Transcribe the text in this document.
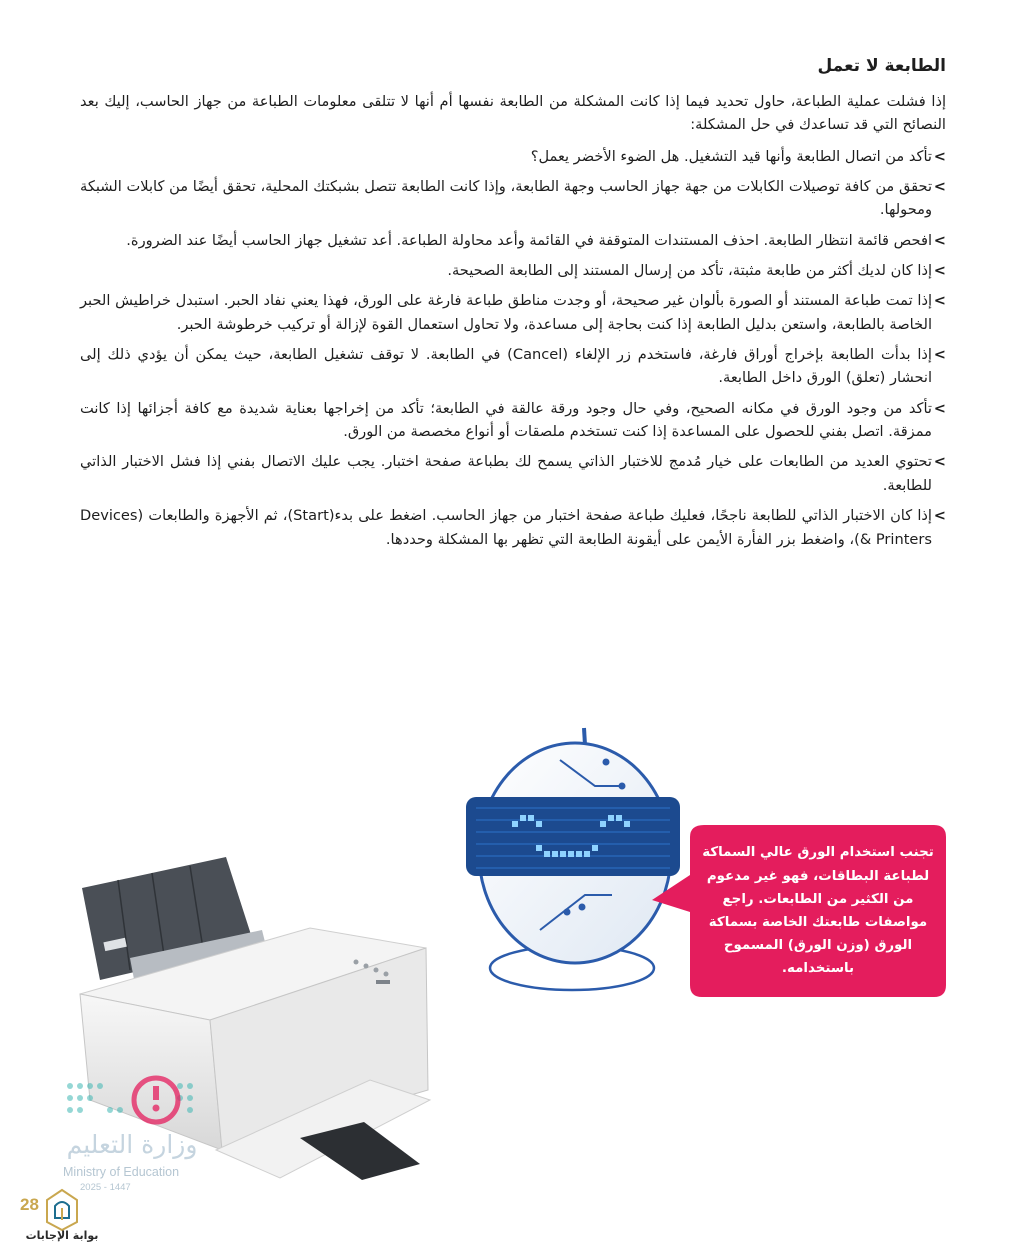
الطابعة لا تعمل

إذا فشلت عملية الطباعة، حاول تحديد فيما إذا كانت المشكلة من الطابعة نفسها أم أنها لا تتلقى معلومات الطباعة من جهاز الحاسب، إليك بعد النصائح التي قد تساعدك في حل المشكلة:

>
تأكد من اتصال الطابعة وأنها قيد التشغيل. هل الضوء الأخضر يعمل؟
>
تحقق من كافة توصيلات الكابلات من جهة جهاز الحاسب وجهة الطابعة، وإذا كانت الطابعة تتصل بشبكتك المحلية، تحقق أيضًا من كابلات الشبكة ومحولها.
>
افحص قائمة انتظار الطابعة. احذف المستندات المتوقفة في القائمة وأعد محاولة الطباعة. أعد تشغيل جهاز الحاسب أيضًا عند الضرورة.
>
إذا كان لديك أكثر من طابعة مثبتة، تأكد من إرسال المستند إلى الطابعة الصحيحة.
>
إذا تمت طباعة المستند أو الصورة بألوان غير صحيحة، أو وجدت مناطق طباعة فارغة على الورق، فهذا يعني نفاد الحبر. استبدل خراطيش الحبر الخاصة بالطابعة، واستعن بدليل الطابعة إذا كنت بحاجة إلى مساعدة، ولا تحاول استعمال القوة لإزالة أو تركيب خرطوشة الحبر.
>
إذا بدأت الطابعة بإخراج أوراق فارغة، فاستخدم زر الإلغاء (Cancel) في الطابعة. لا توقف تشغيل الطابعة، حيث يمكن أن يؤدي ذلك إلى انحشار (تعلق) الورق داخل الطابعة.
>
تأكد من وجود الورق في مكانه الصحيح، وفي حال وجود ورقة عالقة في الطابعة؛ تأكد من إخراجها بعناية شديدة مع كافة أجزائها إذا كانت ممزقة. اتصل بفني للحصول على المساعدة إذا كنت تستخدم ملصقات أو أنواع مخصصة من الورق.
>
تحتوي العديد من الطابعات على خيار مُدمج للاختبار الذاتي يسمح لك بطباعة صفحة اختبار. يجب عليك الاتصال بفني إذا فشل الاختبار الذاتي للطابعة.
>
إذا كان الاختبار الذاتي للطابعة ناجحًا، فعليك طباعة صفحة اختبار من جهاز الحاسب. اضغط على بدء(Start)، ثم الأجهزة والطابعات (Devices & Printers)، واضغط بزر الفأرة الأيمن على أيقونة الطابعة التي تظهر بها المشكلة وحددها.

تجنب استخدام الورق عالي السماكة لطباعة البطاقات، فهو غير مدعوم من الكثير من الطابعات. راجع مواصفات طابعتك الخاصة بسماكة الورق (وزن الورق) المسموح باستخدامه.

وزارة التعليم

Ministry of Education

2025 - 1447

28

بوابة الإجابات
